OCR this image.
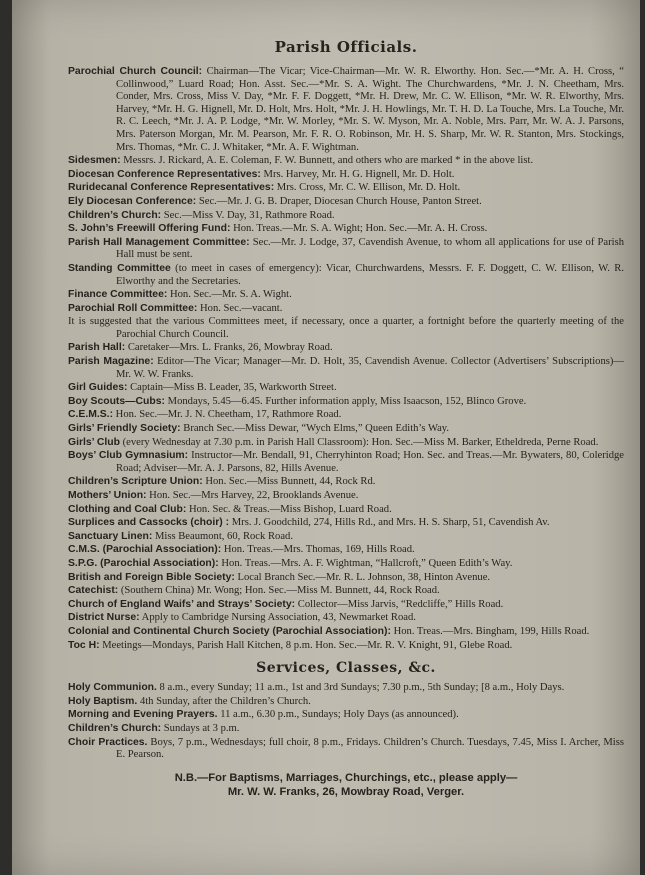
Parish Officials.

Parochial Church Council: Chairman—The Vicar; Vice-Chairman—Mr. W. R. Elworthy. Hon. Sec.—*Mr. A. H. Cross, “ Collinwood,” Luard Road; Hon. Asst. Sec.—*Mr. S. A. Wight. The Churchwardens, *Mr. J. N. Cheetham, Mrs. Conder, Mrs. Cross, Miss V. Day, *Mr. F. F. Doggett, *Mr. H. Drew, Mr. C. W. Ellison, *Mr. W. R. Elworthy, Mrs. Harvey, *Mr. H. G. Hignell, Mr. D. Holt, Mrs. Holt, *Mr. J. H. Howlings, Mr. T. H. D. La Touche, Mrs. La Touche, Mr. R. C. Leech, *Mr. J. A. P. Lodge, *Mr. W. Morley, *Mr. S. W. Myson, Mr. A. Noble, Mrs. Parr, Mr. W. A. J. Parsons, Mrs. Paterson Morgan, Mr. M. Pearson, Mr. F. R. O. Robinson, Mr. H. S. Sharp, Mr. W. R. Stanton, Mrs. Stockings, Mrs. Thomas, *Mr. C. J. Whitaker, *Mr. A. F. Wightman.

Sidesmen: Messrs. J. Rickard, A. E. Coleman, F. W. Bunnett, and others who are marked * in the above list.

Diocesan Conference Representatives: Mrs. Harvey, Mr. H. G. Hignell, Mr. D. Holt.

Ruridecanal Conference Representatives: Mrs. Cross, Mr. C. W. Ellison, Mr. D. Holt.

Ely Diocesan Conference: Sec.—Mr. J. G. B. Draper, Diocesan Church House, Panton Street.

Children’s Church: Sec.—Miss V. Day, 31, Rathmore Road.

S. John’s Freewill Offering Fund: Hon. Treas.—Mr. S. A. Wight; Hon. Sec.—Mr. A. H. Cross.

Parish Hall Management Committee: Sec.—Mr. J. Lodge, 37, Cavendish Avenue, to whom all applications for use of Parish Hall must be sent.

Standing Committee (to meet in cases of emergency): Vicar, Churchwardens, Messrs. F. F. Doggett, C. W. Ellison, W. R. Elworthy and the Secretaries.

Finance Committee: Hon. Sec.—Mr. S. A. Wight.

Parochial Roll Committee: Hon. Sec.—vacant.

It is suggested that the various Committees meet, if necessary, once a quarter, a fortnight before the quarterly meeting of the Parochial Church Council.

Parish Hall: Caretaker—Mrs. L. Franks, 26, Mowbray Road.

Parish Magazine: Editor—The Vicar; Manager—Mr. D. Holt, 35, Cavendish Avenue. Collector (Advertisers’ Subscriptions)—Mr. W. W. Franks.

Girl Guides: Captain—Miss B. Leader, 35, Warkworth Street.

Boy Scouts—Cubs: Mondays, 5.45—6.45. Further information apply, Miss Isaacson, 152, Blinco Grove.

C.E.M.S.: Hon. Sec.—Mr. J. N. Cheetham, 17, Rathmore Road.

Girls’ Friendly Society: Branch Sec.—Miss Dewar, “Wych Elms,” Queen Edith’s Way.

Girls’ Club (every Wednesday at 7.30 p.m. in Parish Hall Classroom): Hon. Sec.—Miss M. Barker, Etheldreda, Perne Road.

Boys’ Club Gymnasium: Instructor—Mr. Bendall, 91, Cherryhinton Road; Hon. Sec. and Treas.—Mr. Bywaters, 80, Coleridge Road; Adviser—Mr. A. J. Parsons, 82, Hills Avenue.

Children’s Scripture Union: Hon. Sec.—Miss Bunnett, 44, Rock Rd.

Mothers’ Union: Hon. Sec.—Mrs Harvey, 22, Brooklands Avenue.

Clothing and Coal Club: Hon. Sec. & Treas.—Miss Bishop, Luard Road.

Surplices and Cassocks (choir) : Mrs. J. Goodchild, 274, Hills Rd., and Mrs. H. S. Sharp, 51, Cavendish Av.

Sanctuary Linen: Miss Beaumont, 60, Rock Road.

C.M.S. (Parochial Association): Hon. Treas.—Mrs. Thomas, 169, Hills Road.

S.P.G. (Parochial Association): Hon. Treas.—Mrs. A. F. Wightman, “Hallcroft,” Queen Edith’s Way.

British and Foreign Bible Society: Local Branch Sec.—Mr. R. L. Johnson, 38, Hinton Avenue.

Catechist: (Southern China) Mr. Wong; Hon. Sec.—Miss M. Bunnett, 44, Rock Road.

Church of England Waifs’ and Strays’ Society: Collector—Miss Jarvis, “Redcliffe,” Hills Road.

District Nurse: Apply to Cambridge Nursing Association, 43, Newmarket Road.

Colonial and Continental Church Society (Parochial Association): Hon. Treas.—Mrs. Bingham, 199, Hills Road.

Toc H: Meetings—Mondays, Parish Hall Kitchen, 8 p.m. Hon. Sec.—Mr. R. V. Knight, 91, Glebe Road.

Services, Classes, &c.

Holy Communion. 8 a.m., every Sunday; 11 a.m., 1st and 3rd Sundays; 7.30 p.m., 5th Sunday; [8 a.m., Holy Days.

Holy Baptism. 4th Sunday, after the Children’s Church.

Morning and Evening Prayers. 11 a.m., 6.30 p.m., Sundays; Holy Days (as announced).

Children’s Church: Sundays at 3 p.m.

Choir Practices. Boys, 7 p.m., Wednesdays; full choir, 8 p.m., Fridays. Children’s Church. Tuesdays, 7.45, Miss I. Archer, Miss E. Pearson.

N.B.—For Baptisms, Marriages, Churchings, etc., please apply—
Mr. W. W. Franks, 26, Mowbray Road, Verger.
